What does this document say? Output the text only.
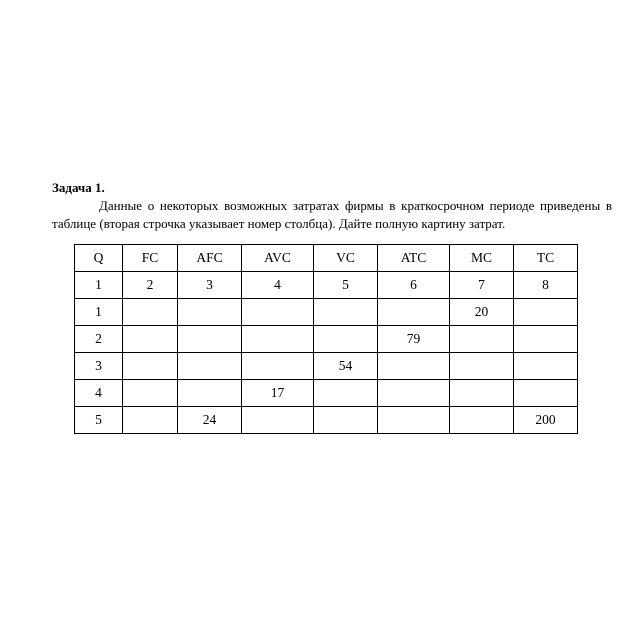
Задача 1.

Данные о некоторых возможных затратах фирмы в краткосрочном периоде приведены в таблице (вторая строчка указывает номер столбца). Дайте полную картину затрат.

Q	FC	AFC	AVC	VC	ATC	MC	TC
1	2	3	4	5	6	7	8
1						20	
2					79		
3				54			
4			17				
5		24					200
